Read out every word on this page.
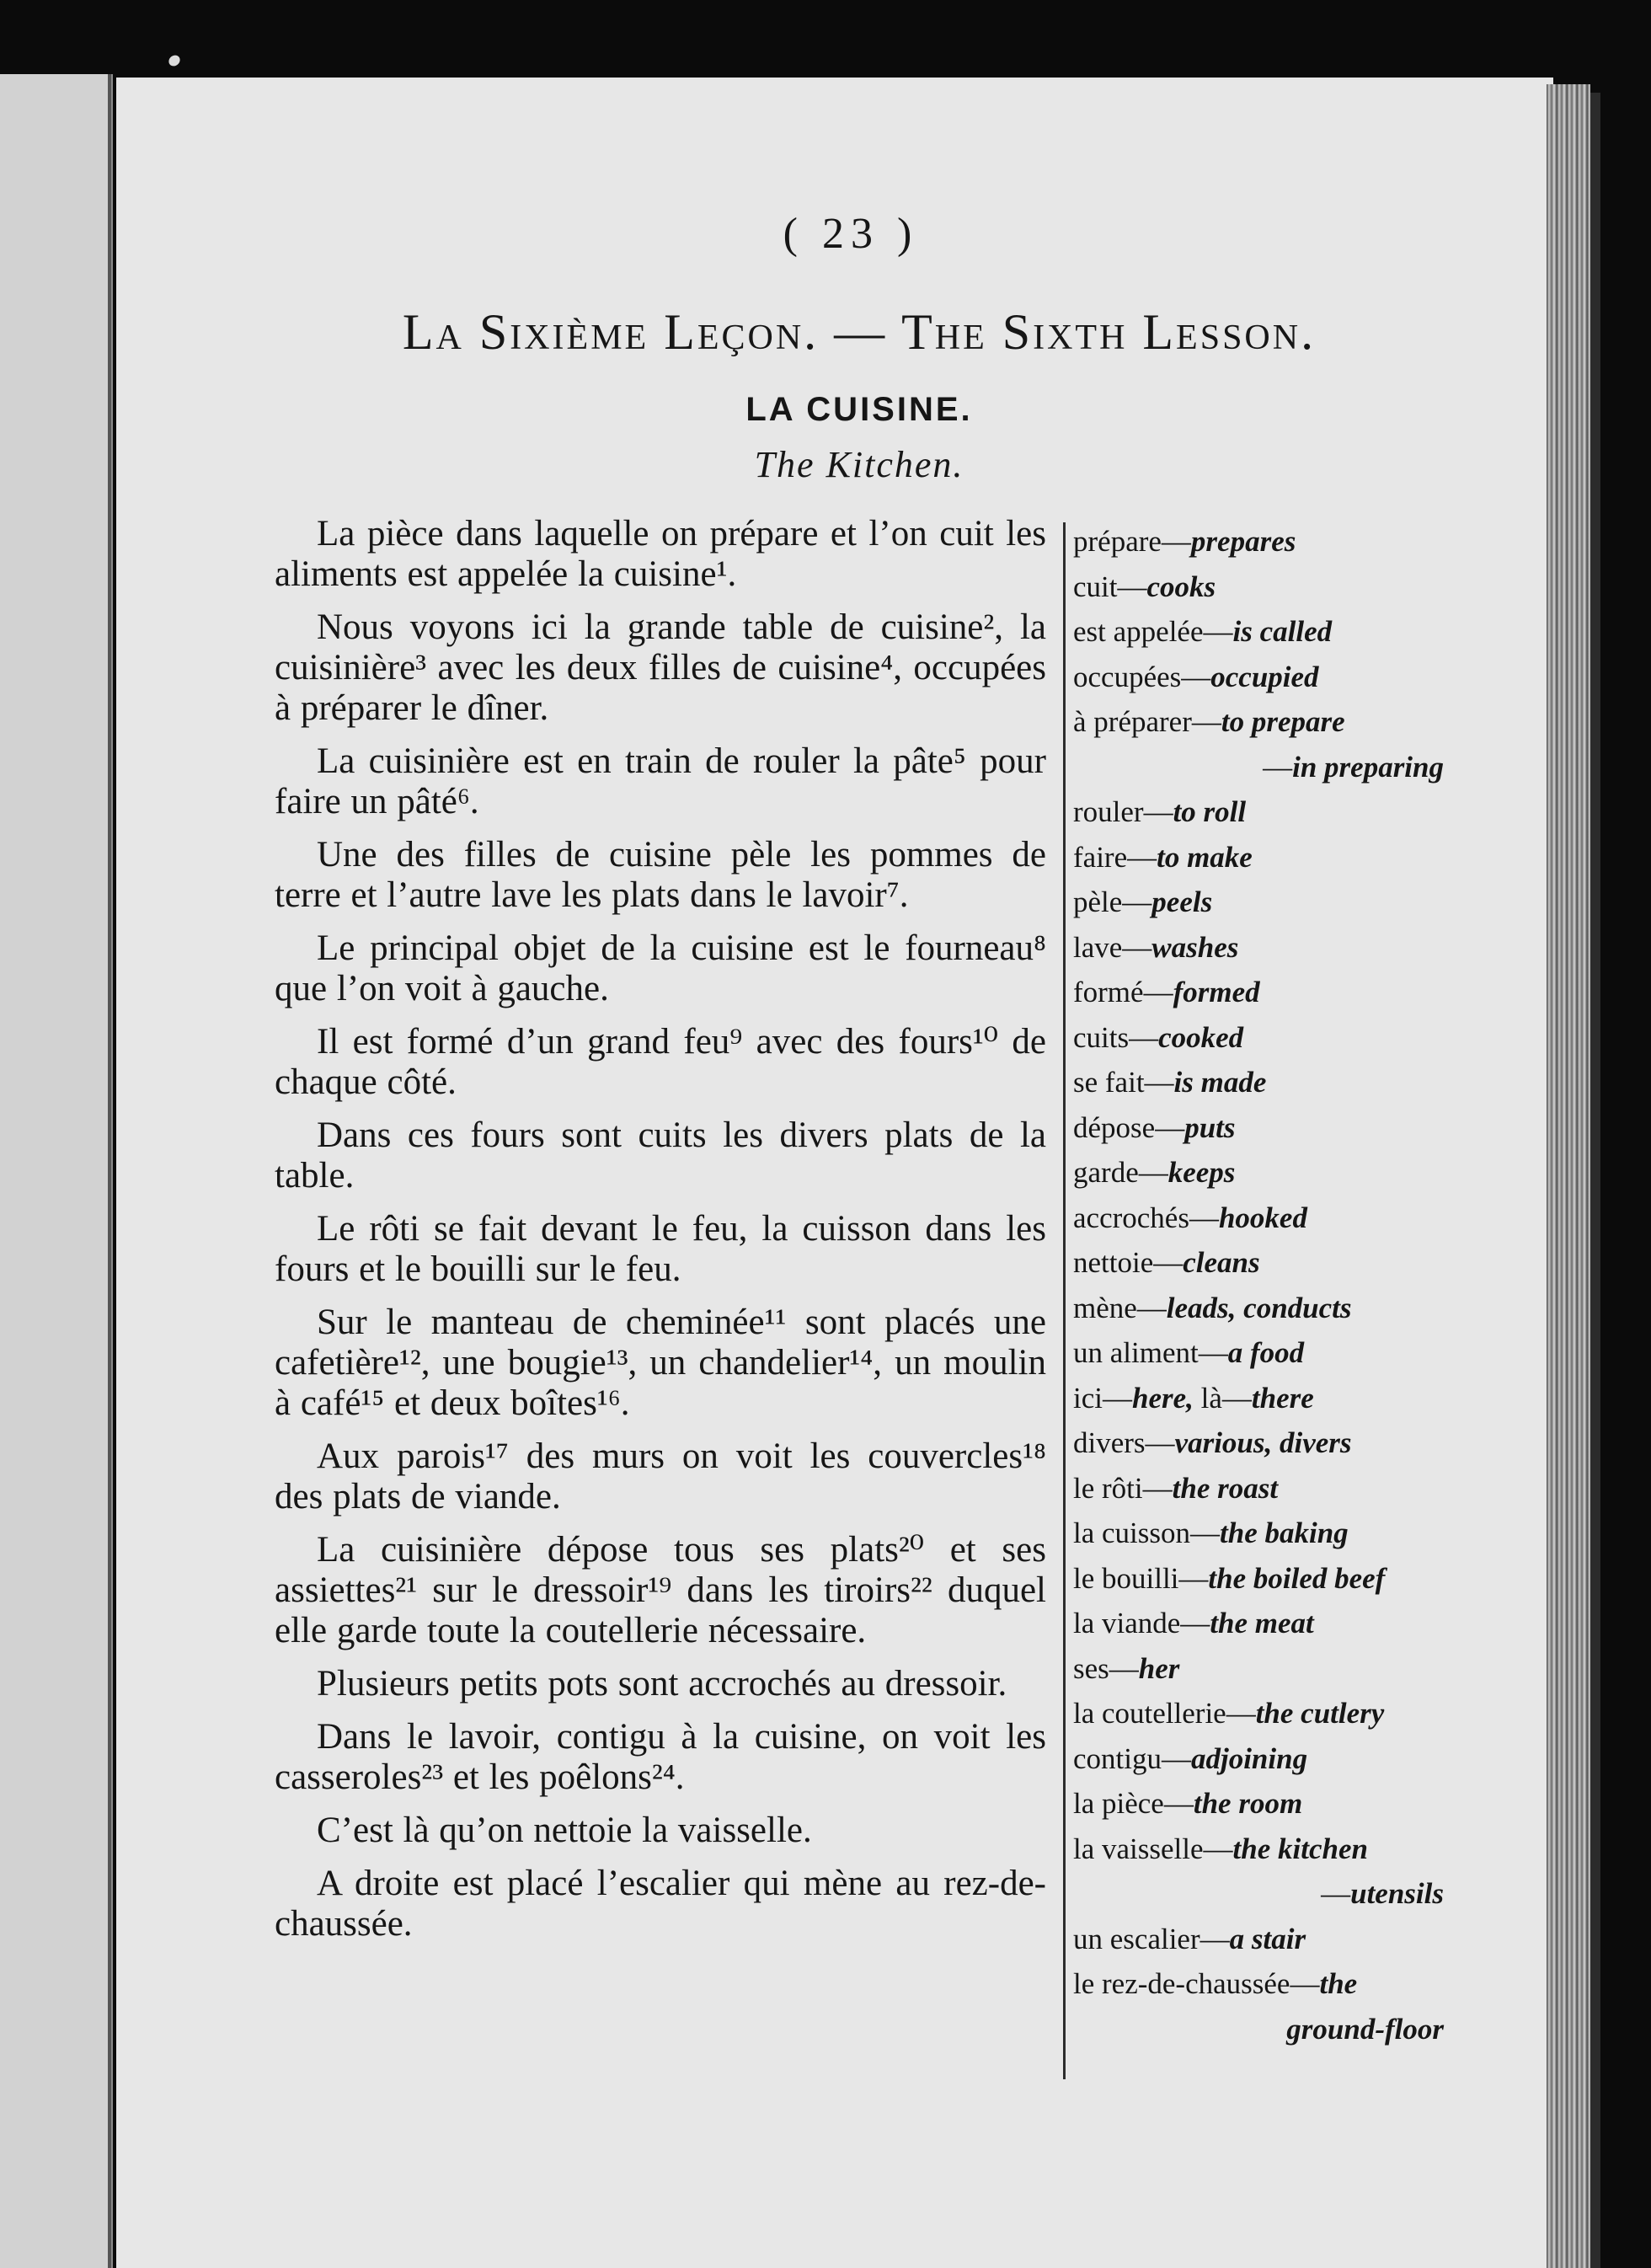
( 23 )
La Sixième Leçon. — The Sixth Lesson.
LA CUISINE.
The Kitchen.

La pièce dans laquelle on prépare et l’on cuit les aliments est appelée la cuisine¹.

Nous voyons ici la grande table de cuisine², la cuisinière³ avec les deux filles de cuisine⁴, occupées à préparer le dîner.

La cuisinière est en train de rouler la pâte⁵ pour faire un pâté⁶.

Une des filles de cuisine pèle les pommes de terre et l’autre lave les plats dans le lavoir⁷.

Le principal objet de la cuisine est le fourneau⁸ que l’on voit à gauche.

Il est formé d’un grand feu⁹ avec des fours¹⁰ de chaque côté.

Dans ces fours sont cuits les divers plats de la table.

Le rôti se fait devant le feu, la cuisson dans les fours et le bouilli sur le feu.

Sur le manteau de cheminée¹¹ sont placés une cafetière¹², une bougie¹³, un chandelier¹⁴, un moulin à café¹⁵ et deux boîtes¹⁶.

Aux parois¹⁷ des murs on voit les couvercles¹⁸ des plats de viande.

La cuisinière dépose tous ses plats²⁰ et ses assiettes²¹ sur le dressoir¹⁹ dans les tiroirs²² duquel elle garde toute la coutellerie nécessaire.

Plusieurs petits pots sont accrochés au dressoir.

Dans le lavoir, contigu à la cuisine, on voit les casseroles²³ et les poêlons²⁴.

C’est là qu’on nettoie la vaisselle.

A droite est placé l’escalier qui mène au rez-de-chaussée.

prépare—prepares
cuit—cooks
est appelée—is called
occupées—occupied
à préparer—to prepare
—in preparing
rouler—to roll
faire—to make
pèle—peels
lave—washes
formé—formed
cuits—cooked
se fait—is made
dépose—puts
garde—keeps
accrochés—hooked
nettoie—cleans
mène—leads, conducts
un aliment—a food
ici—here, là—there
divers—various, divers
le rôti—the roast
la cuisson—the baking
le bouilli—the boiled beef
la viande—the meat
ses—her
la coutellerie—the cutlery
contigu—adjoining
la pièce—the room
la vaisselle—the kitchen
—utensils
un escalier—a stair
le rez-de-chaussée—the
ground-floor
